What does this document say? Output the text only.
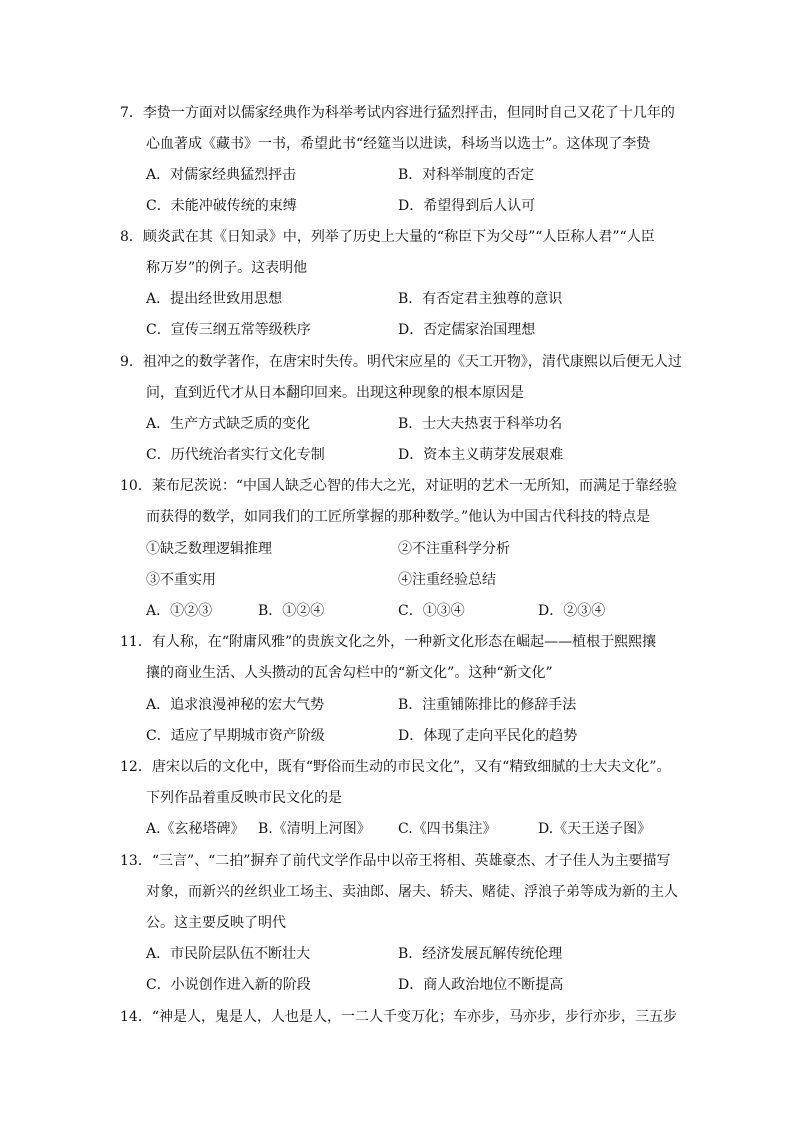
7．李贽一方面对以儒家经典作为科举考试内容进行猛烈抨击，但同时自己又花了十几年的
心血著成《藏书》一书，希望此书“经筵当以进读，科场当以选士”。这体现了李贽
A．对儒家经典猛烈抨击	B．对科举制度的否定
C．未能冲破传统的束缚	D．希望得到后人认可
8．顾炎武在其《日知录》中，列举了历史上大量的“称臣下为父母”“人臣称人君”“人臣
称万岁”的例子。这表明他
A．提出经世致用思想	B．有否定君主独尊的意识
C．宣传三纲五常等级秩序	D．否定儒家治国理想
9．祖冲之的数学著作，在唐宋时失传。明代宋应星的《天工开物》，清代康熙以后便无人过
问，直到近代才从日本翻印回来。出现这种现象的根本原因是
A．生产方式缺乏质的变化	B．士大夫热衷于科举功名
C．历代统治者实行文化专制	D．资本主义萌芽发展艰难
10．莱布尼茨说：“中国人缺乏心智的伟大之光，对证明的艺术一无所知，而满足于靠经验
而获得的数学，如同我们的工匠所掌握的那种数学。”他认为中国古代科技的特点是
①缺乏数理逻辑推理	②不注重科学分析
③不重实用	④注重经验总结
A．①②③	B．①②④	C．①③④	D．②③④
11．有人称，在“附庸风雅”的贵族文化之外，一种新文化形态在崛起——植根于熙熙攘
攘的商业生活、人头攒动的瓦舍勾栏中的“新文化”。这种“新文化”
A．追求浪漫神秘的宏大气势	B．注重铺陈排比的修辞手法
C．适应了早期城市资产阶级	D．体现了走向平民化的趋势
12．唐宋以后的文化中，既有“野俗而生动的市民文化”，又有“精致细腻的士大夫文化”。
下列作品着重反映市民文化的是
A.《玄秘塔碑》 B.《清明上河图》 C.《四书集注》	D.《天王送子图》
13．“三言”、“二拍”摒弃了前代文学作品中以帝王将相、英雄豪杰、才子佳人为主要描写
对象，而新兴的丝织业工场主、卖油郎、屠夫、轿夫、赌徒、浮浪子弟等成为新的主人
公。这主要反映了明代
A．市民阶层队伍不断壮大	B．经济发展瓦解传统伦理
C．小说创作进入新的阶段	D．商人政治地位不断提高
14．“神是人，鬼是人，人也是人，一二人千变万化；车亦步，马亦步，步行亦步，三五步
